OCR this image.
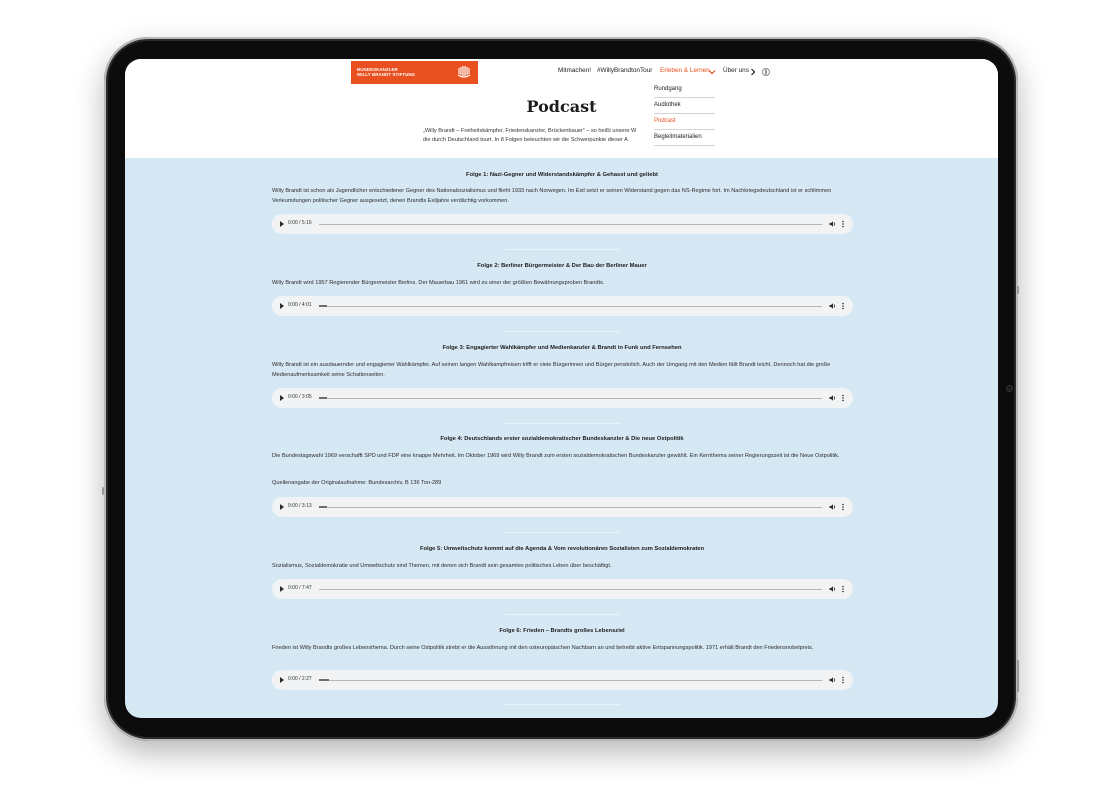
BUNDESKANZLER
WILLY BRANDT STIFTUNG
Mitmachen! #WillyBrandtonTour Erleben & Lernen Über uns
Podcast
„Willy Brandt – Freiheitskämpfer, Friedenskanzler, Brückenbauer“ – so heißt unsere W
die durch Deutschland tourt. In 8 Folgen beleuchten wir die Schwerpunkte dieser A
Rundgang
Audiothek
Podcast
Begleitmaterialien
Folge 1: Nazi-Gegner und Widerstandskämpfer & Gehasst und geliebt
Willy Brandt ist schon als Jugendlicher entschiedener Gegner des Nationalsozialismus und flieht 1933 nach Norwegen. Im Exil setzt er seinen Widerstand gegen das NS-Regime fort. Im Nachkriegsdeutschland ist er schlimmen Verleumdungen politischer Gegner ausgesetzt, denen Brandts Exiljahre verdächtig vorkommen.
0:00 / 5:16
Folge 2: Berliner Bürgermeister & Der Bau der Berliner Mauer
Willy Brandt wird 1957 Regierender Bürgermeister Berlins. Der Mauerbau 1961 wird zu einer der größten Bewährungsproben Brandts.
0:00 / 4:01
Folge 3: Engagierter Wahlkämpfer und Medienkanzler & Brandt in Funk und Fernsehen
Willy Brandt ist ein ausdauernder und engagierter Wahlkämpfer. Auf seinen langen Wahlkampfreisen trifft er viele Bürgerinnen und Bürger persönlich. Auch der Umgang mit den Medien fällt Brandt leicht. Dennoch hat die große Medienaufmerksamkeit seine Schattenseiten.
0:00 / 3:05
Folge 4: Deutschlands erster sozialdemokratischer Bundeskanzler & Die neue Ostpolitik
Die Bundestagswahl 1969 verschafft SPD und FDP eine knappe Mehrheit. Im Oktober 1969 wird Willy Brandt zum ersten sozialdemokratischen Bundeskanzler gewählt. Ein Kernthema seiner Regierungszeit ist die Neue Ostpolitik.
Quellenangabe der Originalaufnahme: Bundesarchiv, B 136 Ton-289
0:00 / 3:13
Folge 5: Umweltschutz kommt auf die Agenda & Vom revolutionären Sozialisten zum Sozialdemokraten
Sozialismus, Sozialdemokratie und Umweltschutz sind Themen, mit denen sich Brandt sein gesamtes politisches Leben über beschäftigt.
0:00 / 7:47
Folge 6: Frieden – Brandts großes Lebensziel
Frieden ist Willy Brandts großes Lebensthema. Durch seine Ostpolitik strebt er die Aussöhnung mit den osteuropäischen Nachbarn an und betreibt aktive Entspannungspolitik. 1971 erhält Brandt den Friedensnobelpreis.
0:00 / 2:27
